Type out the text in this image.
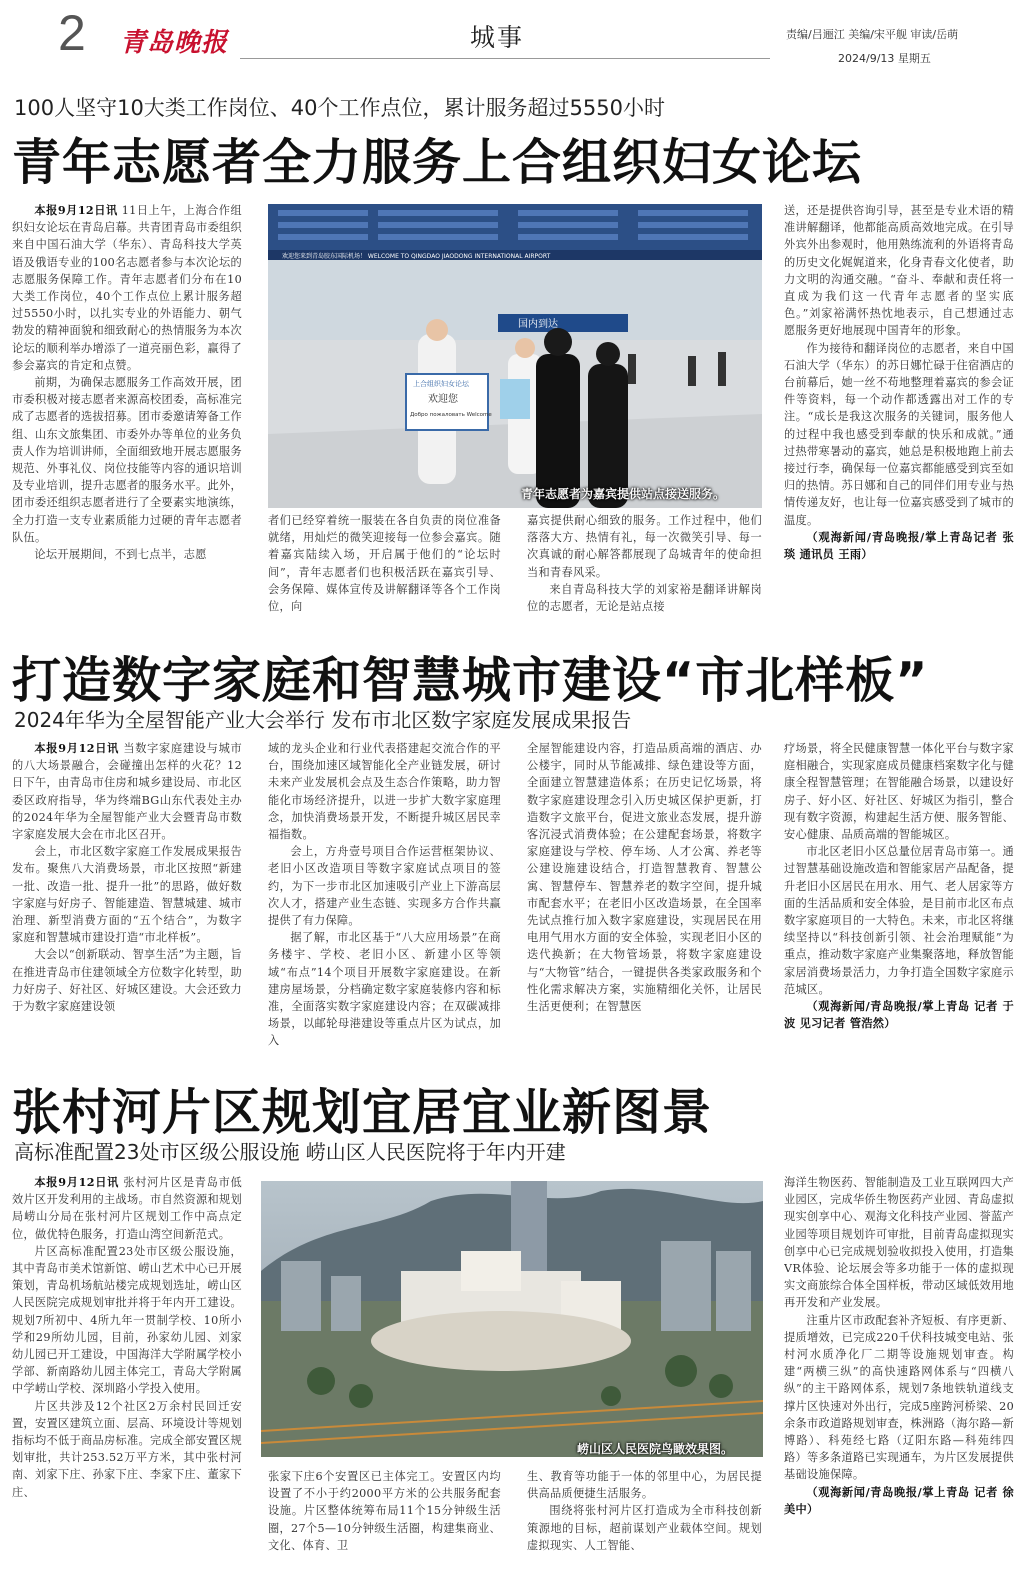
2 青岛晚报	城事	责编/吕逦江 美编/宋平舰 审读/岳萌
2024/9/13 星期五
100人坚守10大类工作岗位、40个工作点位，累计服务超过5550小时
青年志愿者全力服务上合组织妇女论坛

本报9月12日讯 11日上午，上海合作组织妇女论坛在青岛启幕。共青团青岛市委组织来自中国石油大学（华东）、青岛科技大学英语及俄语专业的100名志愿者参与本次论坛的志愿服务保障工作。青年志愿者们分布在10大类工作岗位，40个工作点位上累计服务超过5550小时，以扎实专业的外语能力、朝气勃发的精神面貌和细致耐心的热情服务为本次论坛的顺利举办增添了一道亮丽色彩，赢得了参会嘉宾的肯定和点赞。

前期，为确保志愿服务工作高效开展，团市委积极对接志愿者来源高校团委，高标准完成了志愿者的选拔招募。团市委邀请筹备工作组、山东文旅集团、市委外办等单位的业务负责人作为培训讲师，全面细致地开展志愿服务规范、外事礼仪、岗位技能等内容的通识培训及专业培训，提升志愿者的服务水平。此外，团市委还组织志愿者进行了全要素实地演练，全力打造一支专业素质能力过硬的青年志愿者队伍。

论坛开展期间，不到七点半，志愿

欢迎您来到青岛胶东国际机场！ WELCOME TO QINGDAO JIAODONG INTERNATIONAL AIRPORT
国内到达
上合组织妇女论坛
欢迎您
Добро пожаловать Welcome
青年志愿者为嘉宾提供站点接送服务。

者们已经穿着统一服装在各自负责的岗位准备就绪，用灿烂的微笑迎接每一位参会嘉宾。随着嘉宾陆续入场，开启属于他们的“论坛时间”，青年志愿者们也积极活跃在嘉宾引导、会务保障、媒体宣传及讲解翻译等各个工作岗位，向

嘉宾提供耐心细致的服务。工作过程中，他们落落大方、热情有礼，每一次微笑引导、每一次真诚的耐心解答都展现了岛城青年的使命担当和青春风采。

来自青岛科技大学的刘家裕是翻译讲解岗位的志愿者，无论是站点接

送，还是提供咨询引导，甚至是专业术语的精准讲解翻译，他都能高质高效地完成。在引导外宾外出参观时，他用熟练流利的外语将青岛的历史文化娓娓道来，化身青春文化使者，助力文明的沟通交融。“奋斗、奉献和责任将一直成为我们这一代青年志愿者的坚实底色。”刘家裕满怀热忱地表示，自己想通过志愿服务更好地展现中国青年的形象。

作为接待和翻译岗位的志愿者，来自中国石油大学（华东）的苏日娜忙碌于住宿酒店的台前幕后，她一丝不苟地整理着嘉宾的参会证件等资料，每一个动作都透露出对工作的专注。“成长是我这次服务的关键词，服务他人的过程中我也感受到奉献的快乐和成就。”通过热带寒暑动的嘉宾，她总是积极地跑上前去接过行李，确保每一位嘉宾都能感受到宾至如归的热情。苏日娜和自己的同伴们用专业与热情传递友好，也让每一位嘉宾感受到了城市的温度。

（观海新闻/青岛晚报/掌上青岛记者 张琰 通讯员 王雨）

打造数字家庭和智慧城市建设“市北样板”
2024年华为全屋智能产业大会举行 发布市北区数字家庭发展成果报告

本报9月12日讯 当数字家庭建设与城市的八大场景融合，会碰撞出怎样的火花？12日下午，由青岛市住房和城乡建设局、市北区委区政府指导，华为终端BG山东代表处主办的2024年华为全屋智能产业大会暨青岛市数字家庭发展大会在市北区召开。

会上，市北区数字家庭工作发展成果报告发布。聚焦八大消费场景，市北区按照“新建一批、改造一批、提升一批”的思路，做好数字家庭与好房子、智能建造、智慧城建、城市治理、新型消费方面的“五个结合”，为数字家庭和智慧城市建设打造“市北样板”。

大会以“创新联动、智享生活”为主题，旨在推进青岛市住建领域全方位数字化转型，助力好房子、好社区、好城区建设。大会还致力于为数字家庭建设领

域的龙头企业和行业代表搭建起交流合作的平台，围绕加速区域智能化全产业链发展，研讨未来产业发展机会点及生态合作策略，助力智能化市场经济提升，以进一步扩大数字家庭理念，加快消费场景开发，不断提升城区居民幸福指数。

会上，方舟壹号项目合作运营框架协议、老旧小区改造项目等数字家庭试点项目的签约，为下一步市北区加速吸引产业上下游高层次人才，搭建产业生态链、实现多方合作共赢提供了有力保障。

据了解，市北区基于“八大应用场景”在商务楼宇、学校、老旧小区、新建小区等领域“布点”14个项目开展数字家庭建设。在新建房屋场景，分档确定数字家庭装修内容和标准，全面落实数字家庭建设内容；在双碳减排场景，以邮轮母港建设等重点片区为试点，加入

全屋智能建设内容，打造品质高端的酒店、办公楼宇，同时从节能减排、绿色建设等方面，全面建立智慧建造体系；在历史记忆场景，将数字家庭建设理念引入历史城区保护更新，打造数字文旅平台，促进文旅业态发展，提升游客沉浸式消费体验；在公建配套场景，将数字家庭建设与学校、停车场、人才公寓、养老等公建设施建设结合，打造智慧教育、智慧公寓、智慧停车、智慧养老的数字空间，提升城市配套水平；在老旧小区改造场景，在全国率先试点推行加入数字家庭建设，实现居民在用电用气用水方面的安全体验，实现老旧小区的迭代换新；在大物管场景，将数字家庭建设与“大物管”结合，一键提供各类家政服务和个性化需求解决方案，实施精细化关怀，让居民生活更便利；在智慧医

疗场景，将全民健康智慧一体化平台与数字家庭相融合，实现家庭成员健康档案数字化与健康全程智慧管理；在智能融合场景，以建设好房子、好小区、好社区、好城区为指引，整合现有数字资源，构建起生活方便、服务智能、安心健康、品质高端的智能城区。

市北区老旧小区总量位居青岛市第一。通过智慧基础设施改造和智能家居产品配备，提升老旧小区居民在用水、用气、老人居家等方面的生活品质和安全体验，是目前市北区布点数字家庭项目的一大特色。未来，市北区将继续坚持以“科技创新引领、社会治理赋能”为重点，推动数字家庭产业集聚落地，释放智能家居消费场景活力，力争打造全国数字家庭示范城区。

（观海新闻/青岛晚报/掌上青岛 记者 于波 见习记者 管浩然）

张村河片区规划宜居宜业新图景
高标准配置23处市区级公服设施 崂山区人民医院将于年内开建

本报9月12日讯 张村河片区是青岛市低效片区开发利用的主战场。市自然资源和规划局崂山分局在张村河片区规划工作中高点定位，做优特色服务，打造山湾空间新范式。

片区高标准配置23处市区级公服设施，其中青岛市美术馆新馆、崂山艺术中心已开展策划，青岛机场航站楼完成规划选址，崂山区人民医院完成规划审批并将于年内开工建设。规划7所初中、4所九年一贯制学校、10所小学和29所幼儿园，目前，孙家幼儿园、刘家幼儿园已开工建设，中国海洋大学附属学校小学部、新南路幼儿园主体完工，青岛大学附属中学崂山学校、深圳路小学投入使用。

片区共涉及12个社区2万余村民回迁安置，安置区建筑立面、层高、环境设计等规划指标均不低于商品房标准。完成全部安置区规划审批，共计253.52万平方米，其中张村河南、刘家下庄、孙家下庄、李家下庄、董家下庄、

崂山区人民医院鸟瞰效果图。

张家下庄6个安置区已主体完工。安置区内均设置了不小于约2000平方米的公共服务配套设施。片区整体统筹布局11个15分钟级生活圈，27个5—10分钟级生活圈，构建集商业、文化、体育、卫

生、教育等功能于一体的邻里中心，为居民提供高品质便捷生活服务。

围绕将张村河片区打造成为全市科技创新策源地的目标，超前谋划产业载体空间。规划虚拟现实、人工智能、

海洋生物医药、智能制造及工业互联网四大产业园区，完成华侨生物医药产业园、青岛虚拟现实创享中心、观海文化科技产业园、誉蓝产业园等项目规划许可审批，目前青岛虚拟现实创享中心已完成规划验收拟投入使用，打造集VR体验、论坛展会等多功能于一体的虚拟现实文商旅综合体全国样板，带动区域低效用地再开发和产业发展。

注重片区市政配套补齐短板、有序更新、提质增效，已完成220千伏科技城变电站、张村河水质净化厂二期等设施规划审查。构建“两横三纵”的高快速路网体系与“四横八纵”的主干路网体系，规划7条地铁轨道线支撑片区快速对外出行，完成5座跨河桥梁、20余条市政道路规划审查，株洲路（海尔路—新博路）、科苑经七路（辽阳东路—科苑纬四路）等多条道路已实现通车，为片区发展提供基础设施保障。

（观海新闻/青岛晚报/掌上青岛 记者 徐美中）
